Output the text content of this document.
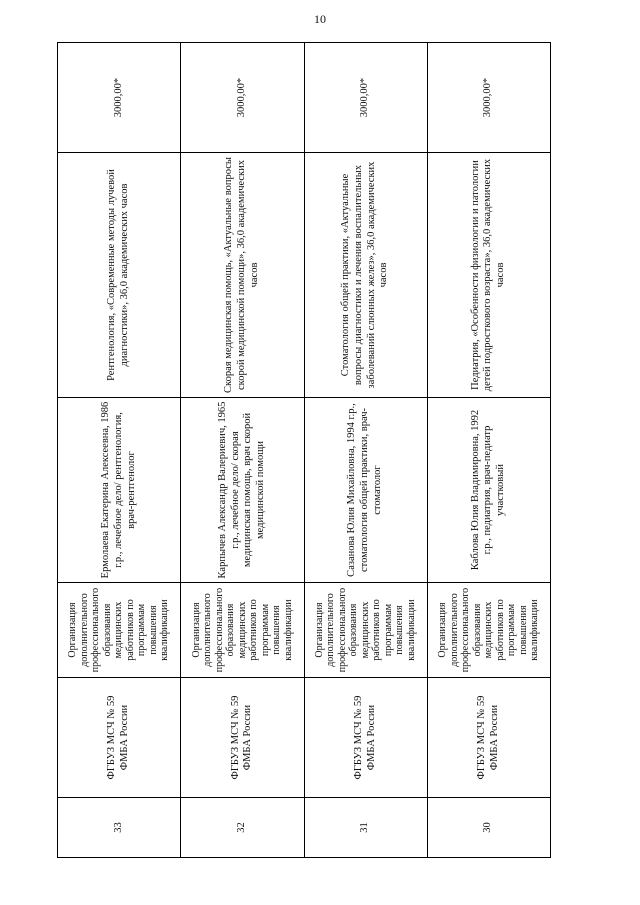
10
33	ФГБУЗ МСЧ № 59 ФМБА России	Организация дополнительного профессионального образования медицинских работников по программам повышения квалификации	Ермолаева Екатерина Алексеевна, 1986 г.р., лечебное дело/ рентгенология, врач-рентгенолог	Рентгенология, «Современные методы лучевой диагностики», 36,0 академических часов	3000,00*
32	ФГБУЗ МСЧ № 59 ФМБА России	Организация дополнительного профессионального образования медицинских работников по программам повышения квалификации	Карпычев Александр Валериевич, 1965 г.р., лечебное дело/ скорая медицинская помощь, врач скорой медицинской помощи	Скорая медицинская помощь, «Актуальные вопросы скорой медицинской помощи», 36,0 академических часов	3000,00*
31	ФГБУЗ МСЧ № 59 ФМБА России	Организация дополнительного профессионального образования медицинских работников по программам повышения квалификации	Сазанова Юлия Михайловна, 1994 г.р., стоматология общей практики, врач-стоматолог	Стоматология общей практики, «Актуальные вопросы диагностики и лечения воспалительных заболеваний слюнных желез», 36,0 академических часов	3000,00*
30	ФГБУЗ МСЧ № 59 ФМБА России	Организация дополнительного профессионального образования медицинских работников по программам повышения квалификации	Каблова Юлия Владимировна, 1992 г.р., педиатрия, врач-педиатр участковый	Педиатрия, «Особенности физиологии и патологии детей подросткового возраста», 36,0 академических часов	3000,00*
